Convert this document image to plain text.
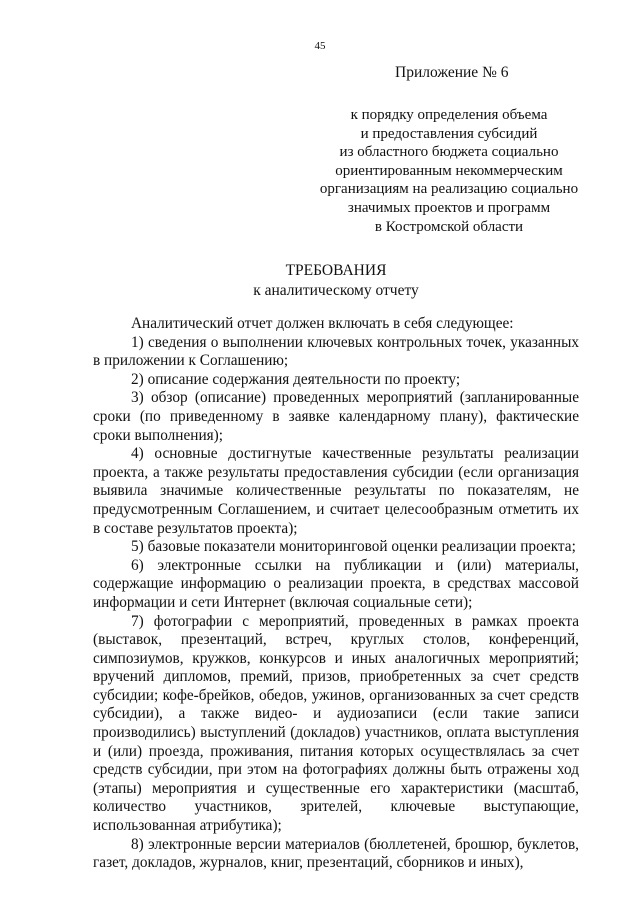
45
Приложение № 6
к порядку определения объема
и предоставления субсидий
из областного бюджета социально
ориентированным некоммерческим
организациям на реализацию социально
значимых проектов и программ
в Костромской области
ТРЕБОВАНИЯ
к аналитическому отчету

Аналитический отчет должен включать в себя следующее:

1) сведения о выполнении ключевых контрольных точек, указанных в приложении к Соглашению;

2) описание содержания деятельности по проекту;

3) обзор (описание) проведенных мероприятий (запланированные сроки (по приведенному в заявке календарному плану), фактические сроки выполнения);

4) основные достигнутые качественные результаты реализации проекта, а также результаты предоставления субсидии (если организация выявила значимые количественные результаты по показателям, не предусмотренным Соглашением, и считает целесообразным отметить их в составе результатов проекта);

5) базовые показатели мониторинговой оценки реализации проекта;

6) электронные ссылки на публикации и (или) материалы, содержащие информацию о реализации проекта, в средствах массовой информации и сети Интернет (включая социальные сети);

7) фотографии с мероприятий, проведенных в рамках проекта (выставок, презентаций, встреч, круглых столов, конференций, симпозиумов, кружков, конкурсов и иных аналогичных мероприятий; вручений дипломов, премий, призов, приобретенных за счет средств субсидии; кофе-брейков, обедов, ужинов, организованных за счет средств субсидии), а также видео- и аудиозаписи (если такие записи производились) выступлений (докладов) участников, оплата выступления и (или) проезда, проживания, питания которых осуществлялась за счет средств субсидии, при этом на фотографиях должны быть отражены ход (этапы) мероприятия и существенные его характеристики (масштаб, количество участников, зрителей, ключевые выступающие, использованная атрибутика);

8) электронные версии материалов (бюллетеней, брошюр, буклетов, газет, докладов, журналов, книг, презентаций, сборников и иных),
